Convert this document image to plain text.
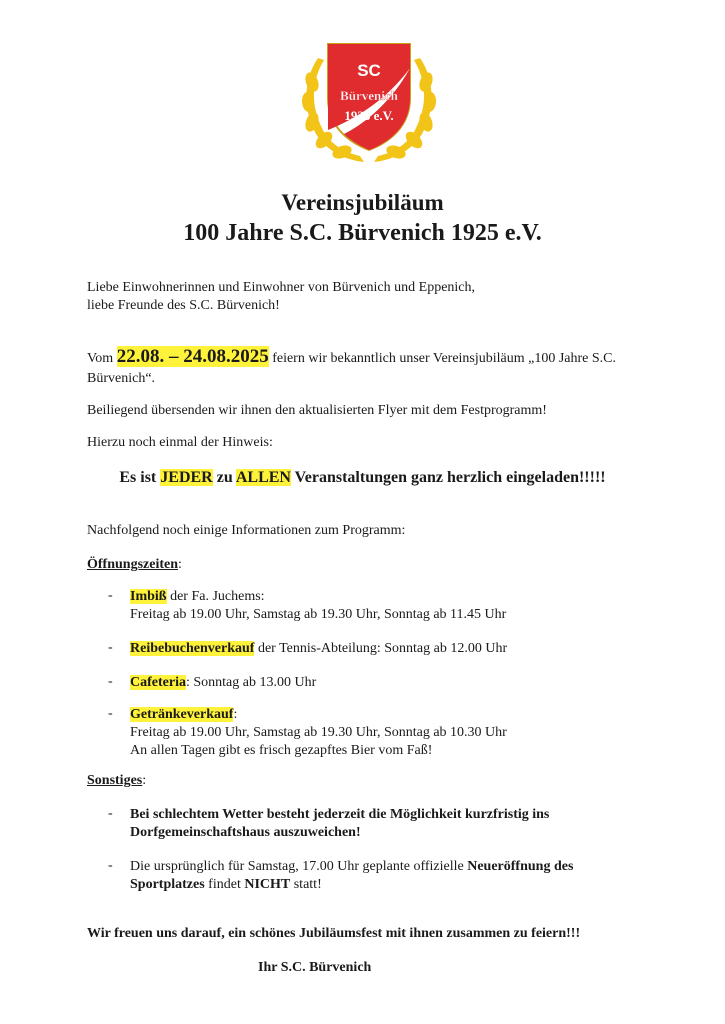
SC
Bürvenich
1925 e.V.
Vereinsjubiläum
100 Jahre S.C. Bürvenich 1925 e.V.
Liebe Einwohnerinnen und Einwohner von Bürvenich und Eppenich,
liebe Freunde des S.C. Bürvenich!
Vom 22.08. – 24.08.2025 feiern wir bekanntlich unser Vereinsjubiläum „100 Jahre S.C.
Bürvenich“.
Beiliegend übersenden wir ihnen den aktualisierten Flyer mit dem Festprogramm!
Hierzu noch einmal der Hinweis:
Es ist JEDER zu ALLEN Veranstaltungen ganz herzlich eingeladen!!!!!
Nachfolgend noch einige Informationen zum Programm:
Öffnungszeiten:
- Imbiß der Fa. Juchems:
Freitag ab 19.00 Uhr, Samstag ab 19.30 Uhr, Sonntag ab 11.45 Uhr
- Reibebuchenverkauf der Tennis-Abteilung: Sonntag ab 12.00 Uhr
- Cafeteria: Sonntag ab 13.00 Uhr
- Getränkeverkauf:
Freitag ab 19.00 Uhr, Samstag ab 19.30 Uhr, Sonntag ab 10.30 Uhr
An allen Tagen gibt es frisch gezapftes Bier vom Faß!
Sonstiges:
- Bei schlechtem Wetter besteht jederzeit die Möglichkeit kurzfristig ins
Dorfgemeinschaftshaus auszuweichen!
- Die ursprünglich für Samstag, 17.00 Uhr geplante offizielle Neueröffnung des
Sportplatzes findet NICHT statt!
Wir freuen uns darauf, ein schönes Jubiläumsfest mit ihnen zusammen zu feiern!!!
Ihr S.C. Bürvenich
